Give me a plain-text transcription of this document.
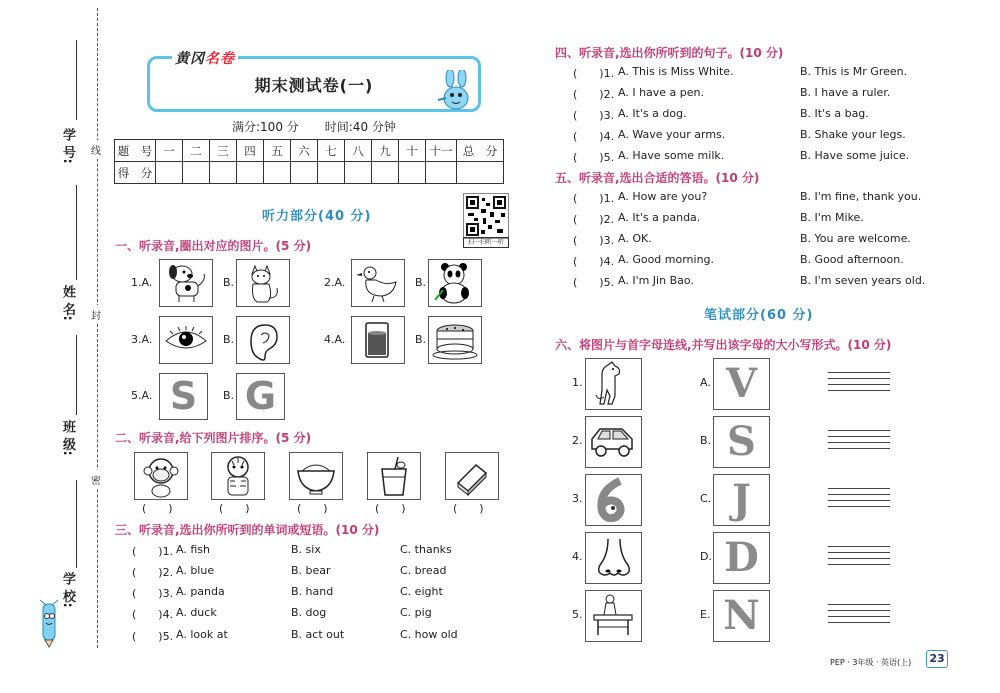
学 号:
姓 名:
班 级:
学 校:
线
封
密
期末测试卷(一)
黄冈名卷
满分:100 分 时间:40 分钟
题　号	一	二	三	四	五	六	七	八	九	十	十一	总　分
得　分												
扫一扫听一听
听力部分(40 分)
一、听录音,圈出对应的图片。(5 分)
1.A.	B.	2.A.	B.
3.A.	B.	4.A.	B.
5.A. S	B. G
二、听录音,给下列图片排序。(5 分)
(　　)	(　　)	(　　)	(　　)	(　　)
三、听录音,选出你所听到的单词或短语。(10 分)
(　　)1. A. fish	B. six	C. thanks
(　　)2. A. blue	B. bear	C. bread
(　　)3. A. panda	B. hand	C. eight
(　　)4. A. duck	B. dog	C. pig
(　　)5. A. look at	B. act out	C. how old
四、听录音,选出你所听到的句子。(10 分)
(　　)1. A. This is Miss White.	B. This is Mr Green.
(　　)2. A. I have a pen.	B. I have a ruler.
(　　)3. A. It's a dog.	B. It's a bag.
(　　)4. A. Wave your arms.	B. Shake your legs.
(　　)5. A. Have some milk.	B. Have some juice.
五、听录音,选出合适的答语。(10 分)
(　　)1. A. How are you?	B. I'm fine, thank you.
(　　)2. A. It's a panda.	B. I'm Mike.
(　　)3. A. OK.	B. You are welcome.
(　　)4. A. Good morning.	B. Good afternoon.
(　　)5. A. I'm Jin Bao.	B. I'm seven years old.
笔试部分(60 分)
六、将图片与首字母连线,并写出该字母的大小写形式。(10 分)
1.
2.
3.
4.
5.
A. V
B. S
C. J
D. D
E. N
PEP · 3年级 · 英语(上)	23
